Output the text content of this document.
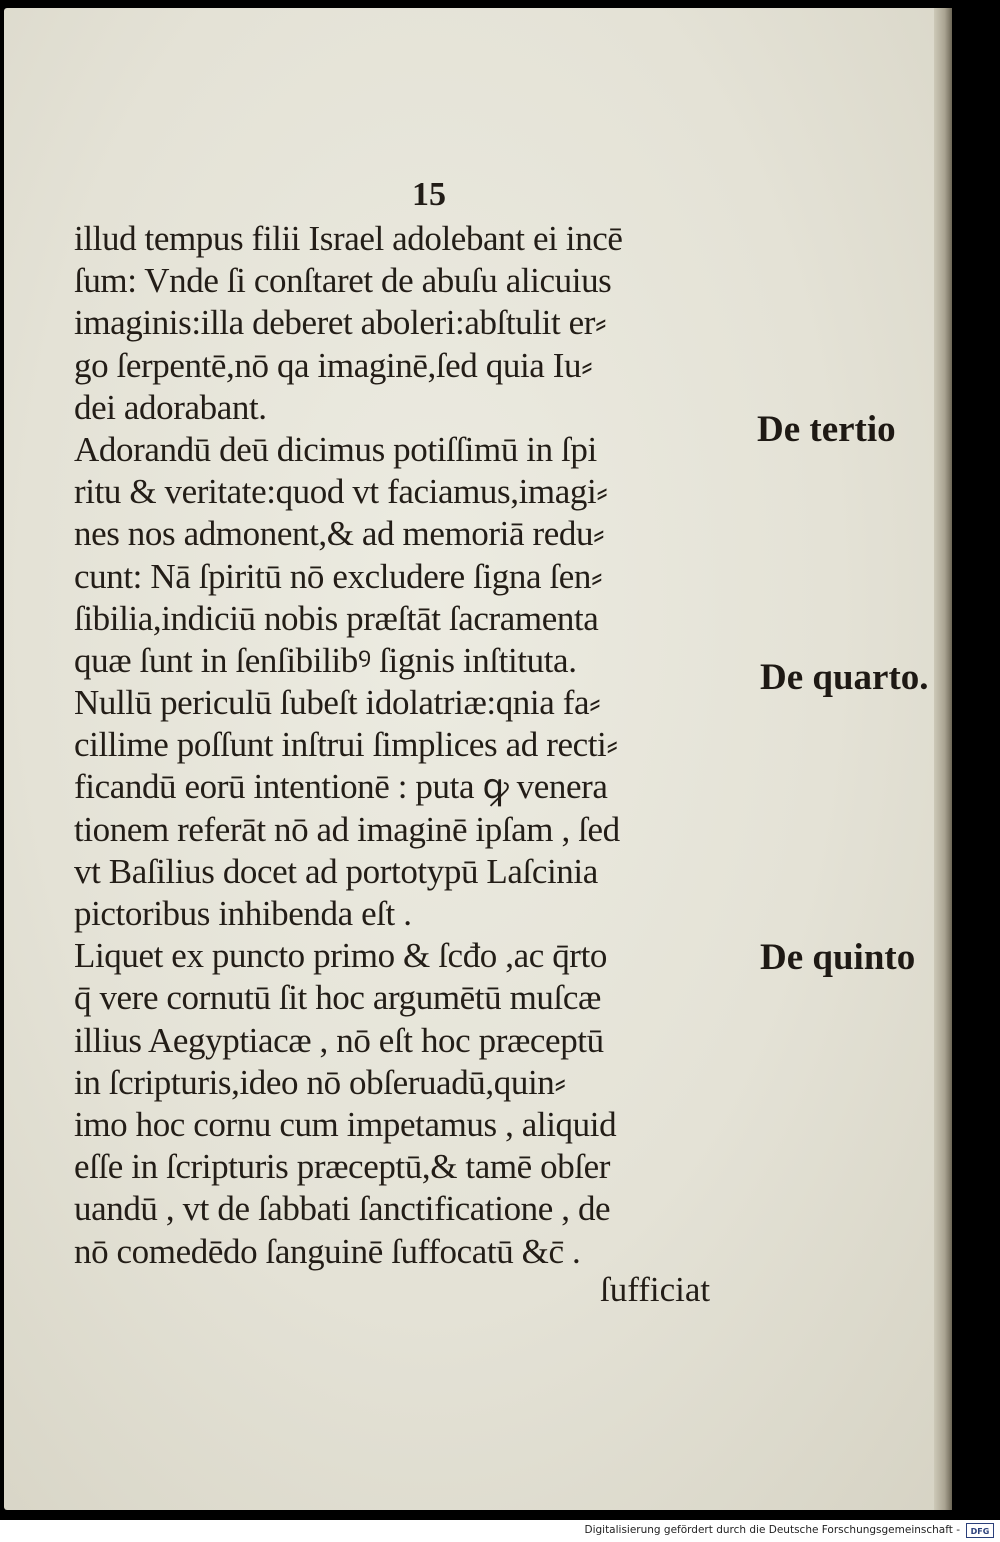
15
illud tempus filii Israel adolebant ei incē
ſum: Vnde ſi conſtaret de abuſu alicuius
imaginis:illa deberet aboleri:abſtulit er⸗
go ſerpentē,nō qa imaginē,ſed quia Iu⸗
dei adorabant.
Adorandū deū dicimus potiſſimū in ſpi
ritu & veritate:quod vt faciamus,imagi⸗
nes nos admonent,& ad memoriā redu⸗
cunt: Nā ſpiritū nō excludere ſigna ſen⸗
ſibilia,indiciū nobis præſtāt ſacramenta
quæ ſunt in ſenſibilibꝰ ſignis inſtituta.
Nullū periculū ſubeſt idolatriæ:qnia fa⸗
cillime poſſunt inſtrui ſimplices ad recti⸗
ficandū eorū intentionē : puta ꝙ venera
tionem referāt nō ad imaginē ipſam , ſed
vt Baſilius docet ad portotypū Laſcinia
pictoribus inhibenda eſt .
Liquet ex puncto primo & ſcđo ,ac q̄rto
q̄ vere cornutū ſit hoc argumētū muſcæ
illius Aegyptiacæ , nō eſt hoc præceptū
in ſcripturis,ideo nō obſeruadū,quin⸗
imo hoc cornu cum impetamus , aliquid
eſſe in ſcripturis præceptū,& tamē obſer
uandū , vt de ſabbati ſanctificatione , de
nō comedēdo ſanguinē ſuffocatū &c̄ .
ſufficiat
De tertio
De quarto.
De quinto
Digitalisierung gefördert durch die Deutsche Forschungsgemeinschaft -	DFG
